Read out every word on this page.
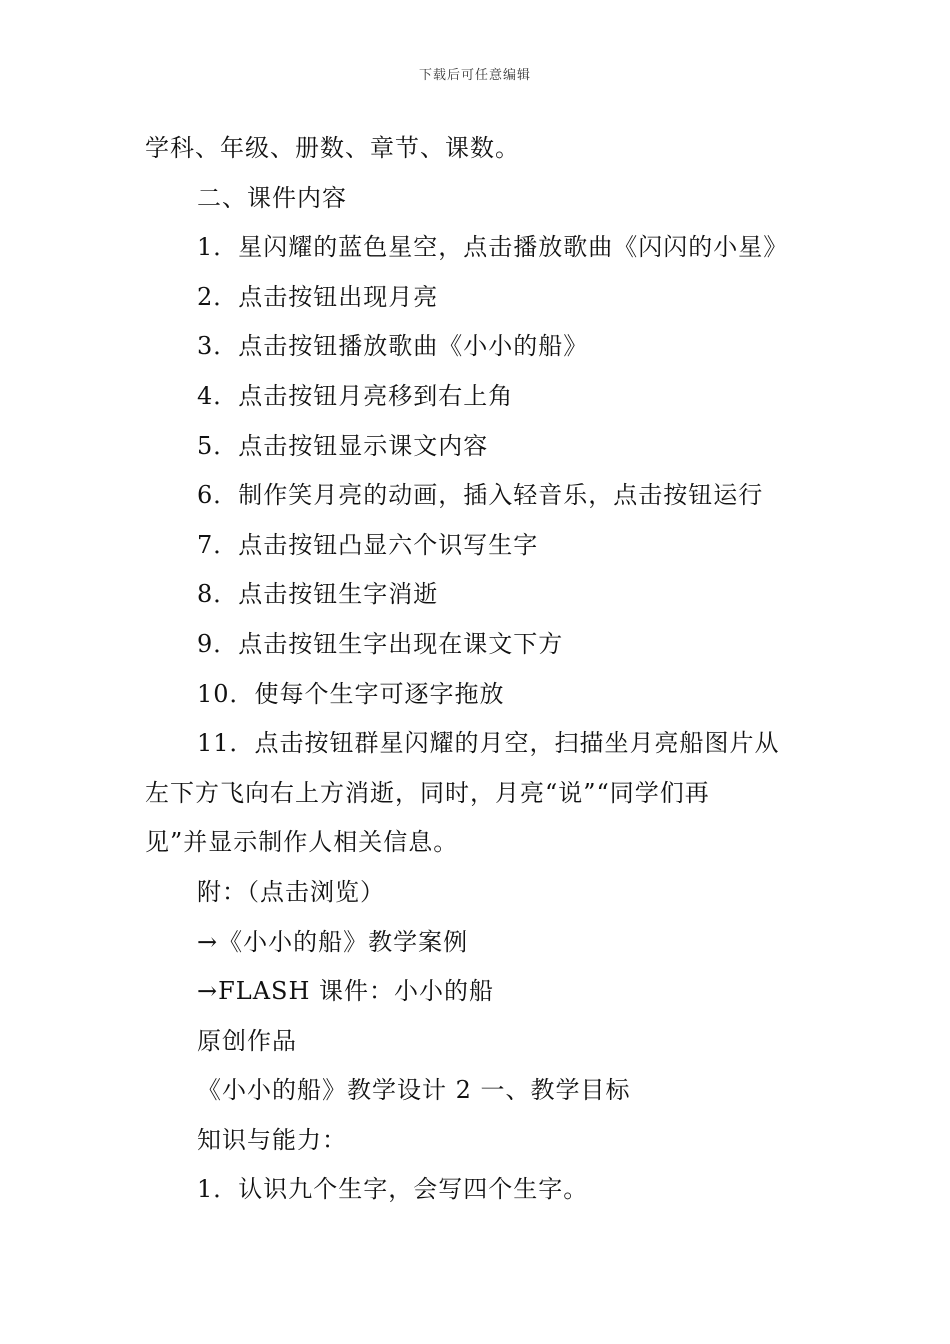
下载后可任意编辑
学科、年级、册数、章节、课数。
二、课件内容
1．星闪耀的蓝色星空，点击播放歌曲《闪闪的小星》
2．点击按钮出现月亮
3．点击按钮播放歌曲《小小的船》
4．点击按钮月亮移到右上角
5．点击按钮显示课文内容
6．制作笑月亮的动画，插入轻音乐，点击按钮运行
7．点击按钮凸显六个识写生字
8．点击按钮生字消逝
9．点击按钮生字出现在课文下方
10．使每个生字可逐字拖放
11．点击按钮群星闪耀的月空，扫描坐月亮船图片从
左下方飞向右上方消逝，同时，月亮“说”“同学们再
见”并显示制作人相关信息。
附：（点击浏览）
→《小小的船》教学案例
→FLASH 课件：小小的船
原创作品
《小小的船》教学设计 2 一、教学目标
知识与能力：
1．认识九个生字，会写四个生字。
